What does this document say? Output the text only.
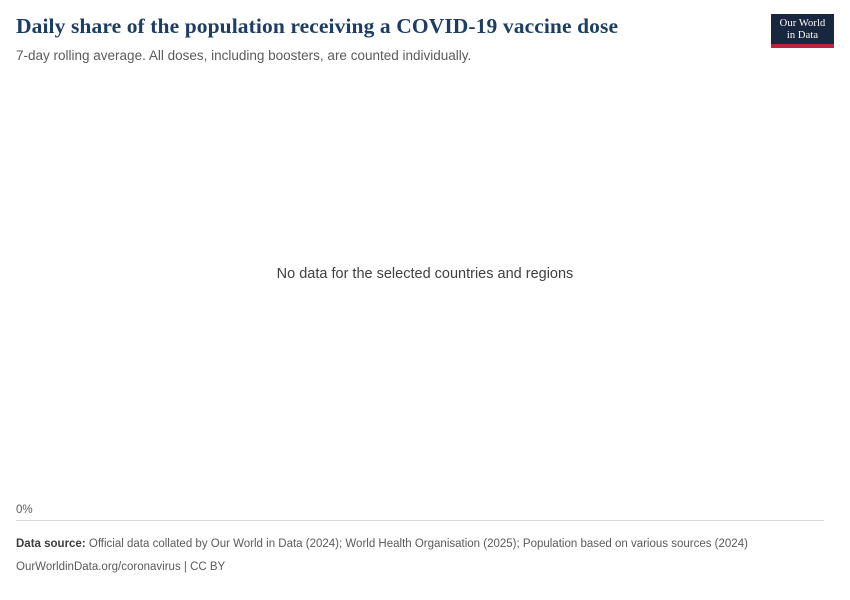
Daily share of the population receiving a COVID-19 vaccine dose
7-day rolling average. All doses, including boosters, are counted individually.
Our World
in Data
No data for the selected countries and regions
0%
Data source: Official data collated by Our World in Data (2024); World Health Organisation (2025); Population based on various sources (2024)
OurWorldinData.org/coronavirus | CC BY
